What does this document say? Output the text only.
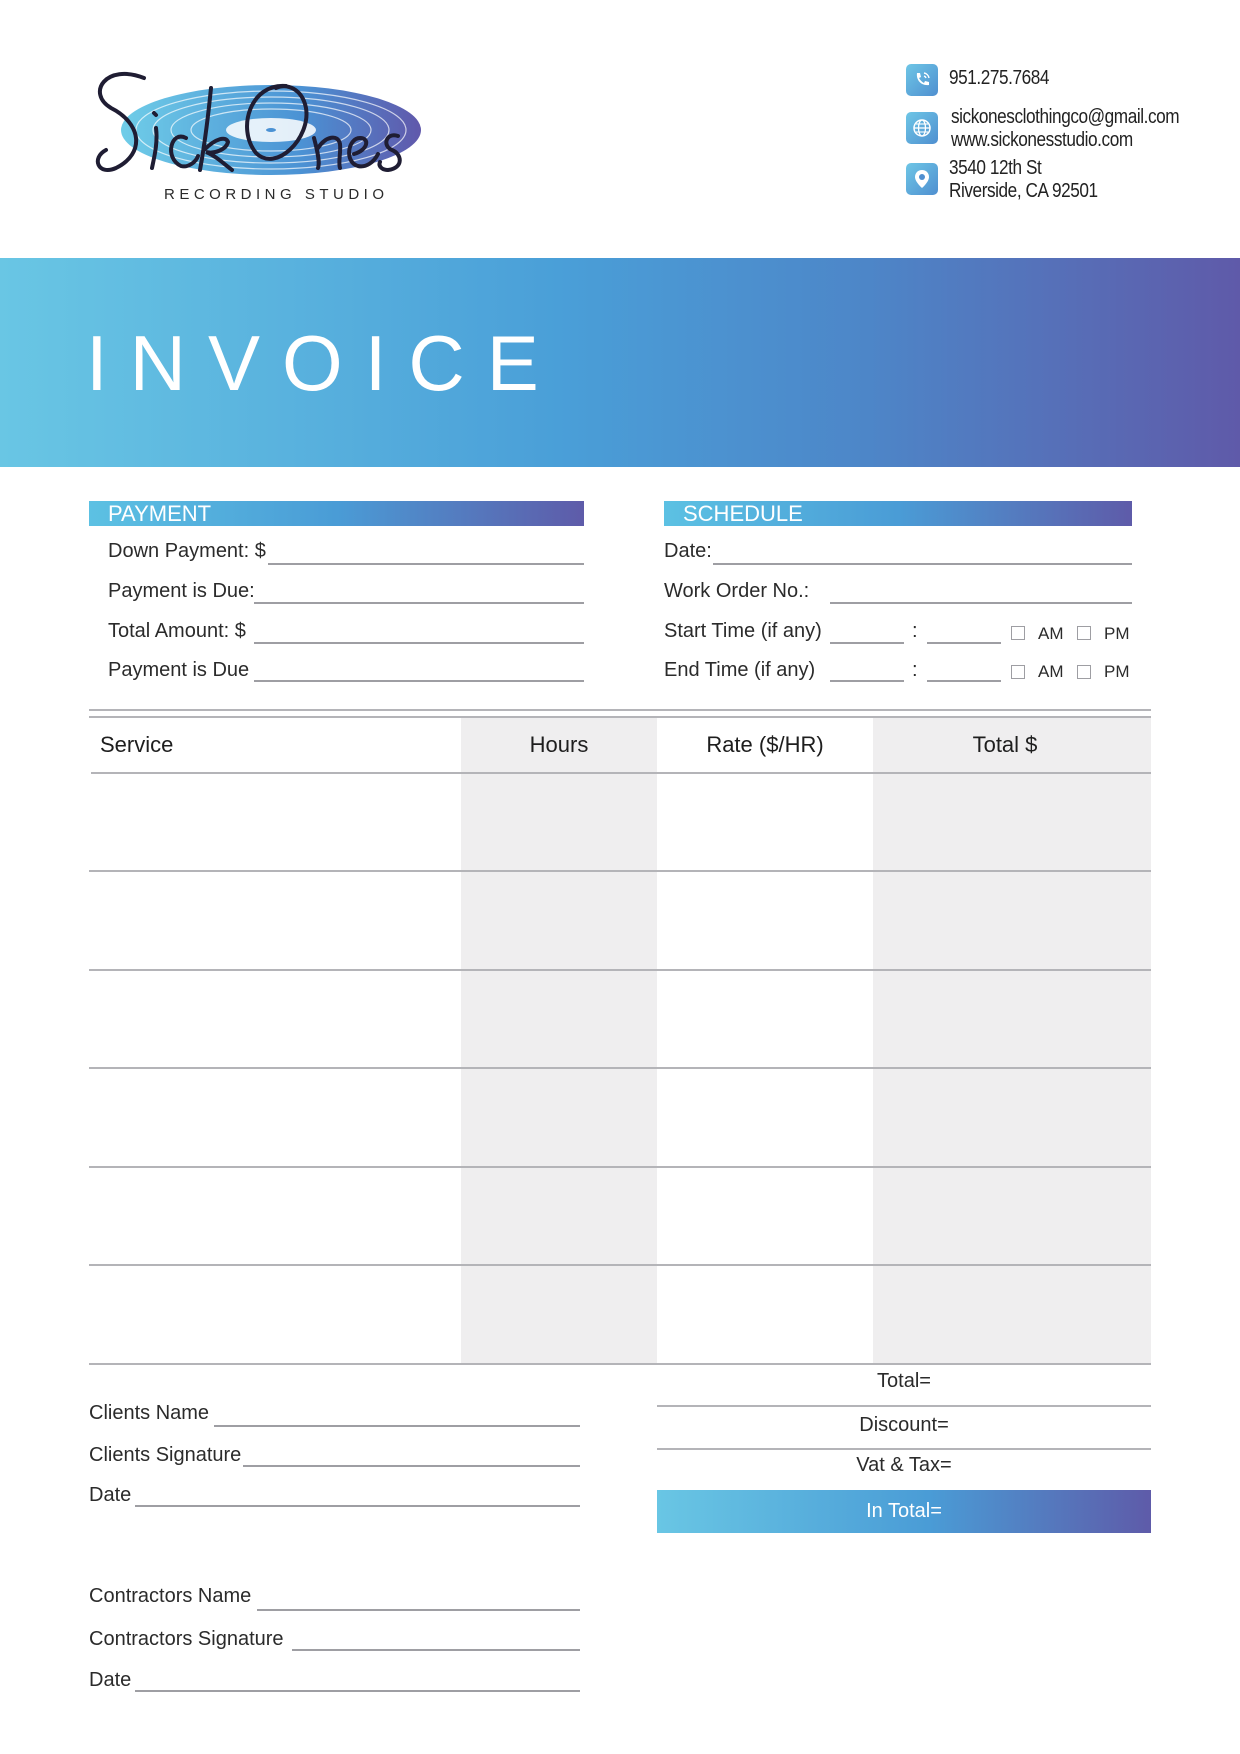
RECORDING STUDIO
951.275.7684
sickonesclothingco@gmail.com
www.sickonesstudio.com
3540 12th St
Riverside, CA 92501
INVOICE
PAYMENT
Down Payment: $
Payment is Due:
Total Amount: $
Payment is Due
SCHEDULE
Date:
Work Order No.:
Start Time (if any)	:	AM PM
End Time (if any)	:	AM PM
Service	Hours	Rate ($/HR)	Total $
Clients Name
Clients Signature
Date
Contractors Name
Contractors Signature
Date
Total=
Discount=
Vat & Tax=
In Total=
